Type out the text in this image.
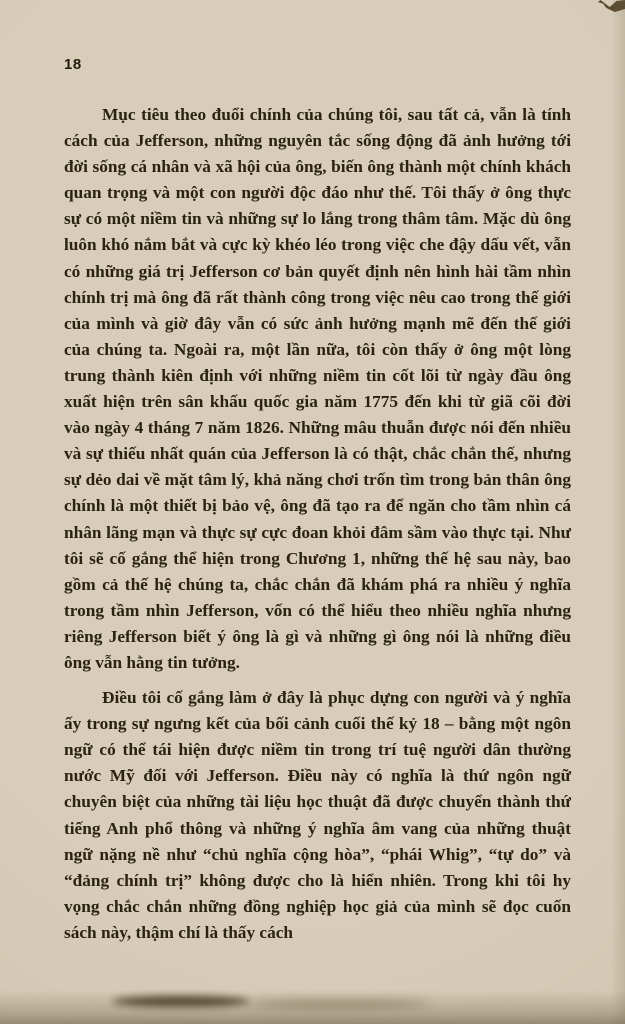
18

Mục tiêu theo đuổi chính của chúng tôi, sau tất cả, vẫn là tính cách của Jefferson, những nguyên tắc sống động đã ảnh hưởng tới đời sống cá nhân và xã hội của ông, biến ông thành một chính khách quan trọng và một con người độc đáo như thế. Tôi thấy ở ông thực sự có một niềm tin và những sự lo lắng trong thâm tâm. Mặc dù ông luôn khó nắm bắt và cực kỳ khéo léo trong việc che đậy dấu vết, vẫn có những giá trị Jefferson cơ bản quyết định nên hình hài tầm nhìn chính trị mà ông đã rất thành công trong việc nêu cao trong thế giới của mình và giờ đây vẫn có sức ảnh hưởng mạnh mẽ đến thế giới của chúng ta. Ngoài ra, một lần nữa, tôi còn thấy ở ông một lòng trung thành kiên định với những niềm tin cốt lõi từ ngày đầu ông xuất hiện trên sân khấu quốc gia năm 1775 đến khi từ giã cõi đời vào ngày 4 tháng 7 năm 1826. Những mâu thuẫn được nói đến nhiều và sự thiếu nhất quán của Jefferson là có thật, chắc chắn thế, nhưng sự dẻo dai về mặt tâm lý, khả năng chơi trốn tìm trong bản thân ông chính là một thiết bị bảo vệ, ông đã tạo ra để ngăn cho tầm nhìn cá nhân lãng mạn và thực sự cực đoan khỏi đâm sầm vào thực tại. Như tôi sẽ cố gắng thể hiện trong Chương 1, những thế hệ sau này, bao gồm cả thế hệ chúng ta, chắc chắn đã khám phá ra nhiều ý nghĩa trong tầm nhìn Jefferson, vốn có thể hiểu theo nhiều nghĩa nhưng riêng Jefferson biết ý ông là gì và những gì ông nói là những điều ông vẫn hằng tin tưởng.

Điều tôi cố gắng làm ở đây là phục dựng con người và ý nghĩa ấy trong sự ngưng kết của bối cảnh cuối thế kỷ 18 – bằng một ngôn ngữ có thể tái hiện được niềm tin trong trí tuệ người dân thường nước Mỹ đối với Jefferson. Điều này có nghĩa là thứ ngôn ngữ chuyên biệt của những tài liệu học thuật đã được chuyển thành thứ tiếng Anh phổ thông và những ý nghĩa âm vang của những thuật ngữ nặng nề như “chủ nghĩa cộng hòa”, “phái Whig”, “tự do” và “đảng chính trị” không được cho là hiển nhiên. Trong khi tôi hy vọng chắc chắn những đồng nghiệp học giả của mình sẽ đọc cuốn sách này, thậm chí là thấy cách
